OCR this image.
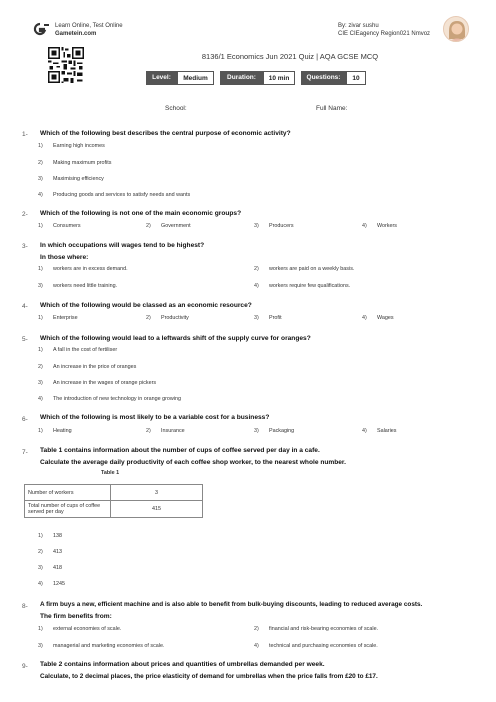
Learn Online, Test Online
Gametein.com
By: zivar sushu
CIE CIEagency Region021 Nmvoz
8136/1 Economics Jun 2021 Quiz | AQA GCSE MCQ
Level:	Medium	Duration:	10 min	Questions:	10
School:	Full Name:
1- Which of the following best describes the central purpose of economic activity?
1) Earning high incomes
2) Making maximum profits
3) Maximising efficiency
4) Producing goods and services to satisfy needs and wants
2- Which of the following is not one of the main economic groups?
1) Consumers	2) Government	3) Producers	4) Workers
3- In which occupations will wages tend to be highest?
In those where:
1) workers are in excess demand.	2) workers are paid on a weekly basis.
3) workers need little training.	4) workers require few qualifications.
4- Which of the following would be classed as an economic resource?
1) Enterprise	2) Productivity	3) Profit	4) Wages
5- Which of the following would lead to a leftwards shift of the supply curve for oranges?
1) A fall in the cost of fertiliser
2) An increase in the price of oranges
3) An increase in the wages of orange pickers
4) The introduction of new technology in orange growing
6- Which of the following is most likely to be a variable cost for a business?
1) Heating	2) Insurance	3) Packaging	4) Salaries
7- Table 1 contains information about the number of cups of coffee served per day in a cafe.
Calculate the average daily productivity of each coffee shop worker, to the nearest whole number.
Table 1
Number of workers	3
Total number of cups of coffee served per day	415
1) 138
2) 413
3) 418
4) 1245
8- A firm buys a new, efficient machine and is also able to benefit from bulk-buying discounts, leading to reduced average costs.
The firm benefits from:
1) external economies of scale.	2) financial and risk-bearing economies of scale.
3) managerial and marketing economies of scale.	4) technical and purchasing economies of scale.
9- Table 2 contains information about prices and quantities of umbrellas demanded per week.
Calculate, to 2 decimal places, the price elasticity of demand for umbrellas when the price falls from £20 to £17.
